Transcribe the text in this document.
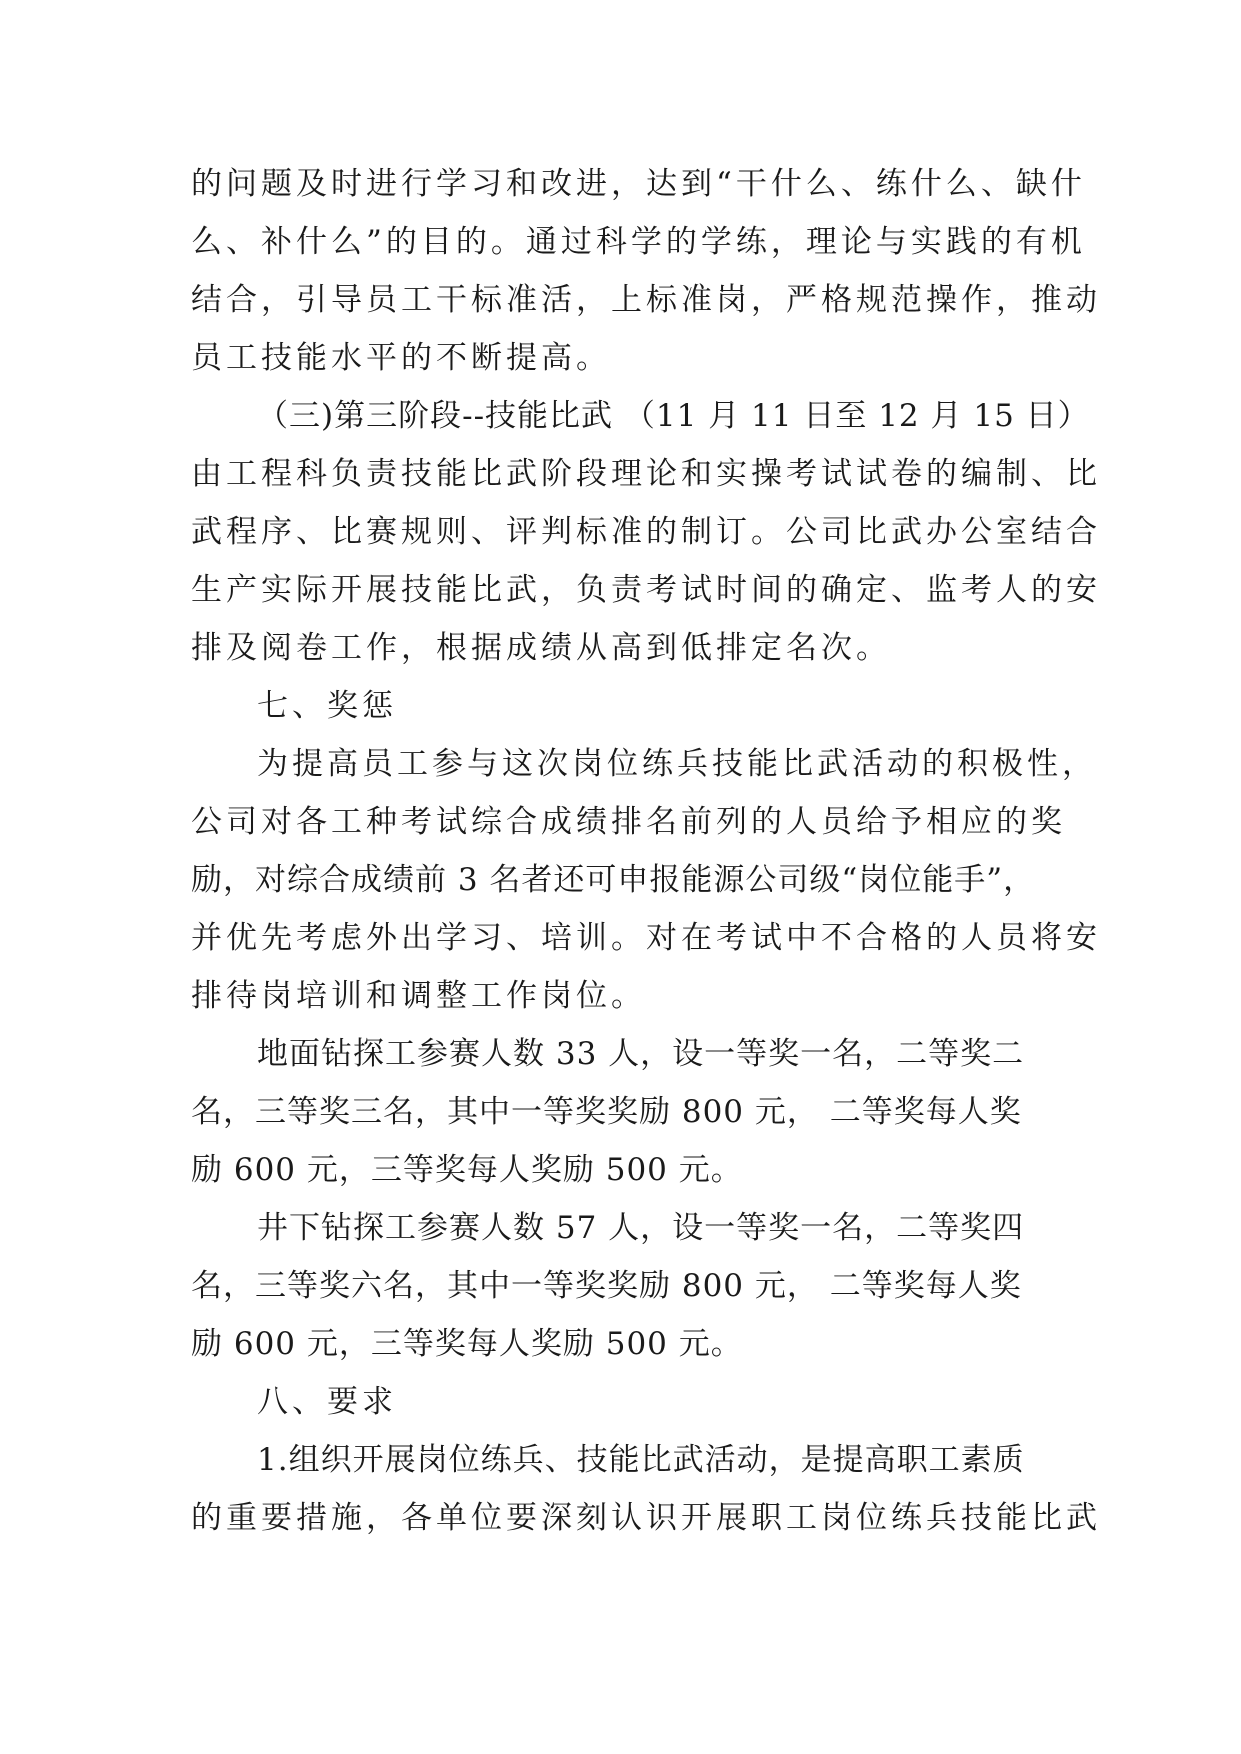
的问题及时进行学习和改进，达到“干什么、练什么、缺什
么、补什么”的目的。通过科学的学练，理论与实践的有机
结合，引导员工干标准活，上标准岗，严格规范操作，推动
员工技能水平的不断提高。
（三)第三阶段--技能比武 （11 月 11 日至 12 月 15 日）
由工程科负责技能比武阶段理论和实操考试试卷的编制、比
武程序、比赛规则、评判标准的制订。公司比武办公室结合
生产实际开展技能比武，负责考试时间的确定、监考人的安
排及阅卷工作，根据成绩从高到低排定名次。
七、奖惩
为提高员工参与这次岗位练兵技能比武活动的积极性，
公司对各工种考试综合成绩排名前列的人员给予相应的奖
励，对综合成绩前 3 名者还可申报能源公司级“岗位能手”，
并优先考虑外出学习、培训。对在考试中不合格的人员将安
排待岗培训和调整工作岗位。
地面钻探工参赛人数 33 人，设一等奖一名，二等奖二
名，三等奖三名，其中一等奖奖励 800 元， 二等奖每人奖
励 600 元，三等奖每人奖励 500 元。
井下钻探工参赛人数 57 人，设一等奖一名，二等奖四
名，三等奖六名，其中一等奖奖励 800 元， 二等奖每人奖
励 600 元，三等奖每人奖励 500 元。
八、要求
1.组织开展岗位练兵、技能比武活动，是提高职工素质
的重要措施，各单位要深刻认识开展职工岗位练兵技能比武
